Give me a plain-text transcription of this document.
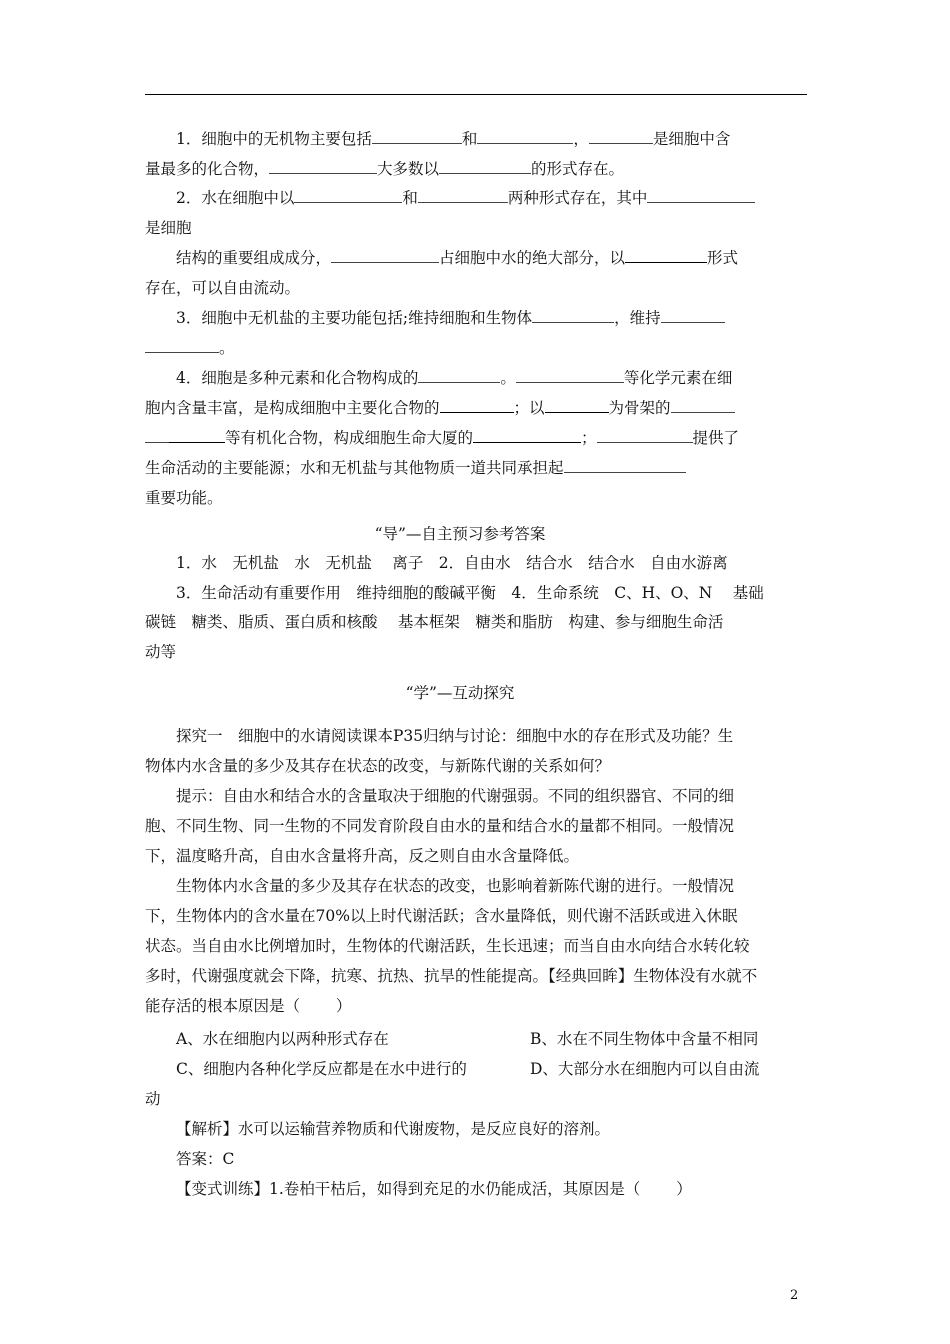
1．细胞中的无机物主要包括	和	，	是细胞中含
量最多的化合物，	大多数以	的形式存在。
2．水在细胞中以	和	两种形式存在，其中
是细胞
结构的重要组成成分，	占细胞中水的绝大部分，以	形式
存在，可以自由流动。
3．细胞中无机盐的主要功能包括;维持细胞和生物体	，维持
。
4．细胞是多种元素和化合物构成的	。	等化学元素在细
胞内含量丰富，是构成细胞中主要化合物的	；以	为骨架的
等有机化合物，构成细胞生命大厦的	；	提供了
生命活动的主要能源；水和无机盐与其他物质一道共同承担起
重要功能。
“导”—自主预习参考答案
1．水　无机盐　水　无机盐　 离子　2．自由水　结合水　结合水　自由水游离
3．生命活动有重要作用　维持细胞的酸碱平衡　4．生命系统　C、H、O、N　 基础
碳链　糖类、脂质、蛋白质和核酸　 基本框架　糖类和脂肪　构建、参与细胞生命活
动等
“学”—互动探究
探究一　细胞中的水请阅读课本P35归纳与讨论：细胞中水的存在形式及功能？生
物体内水含量的多少及其存在状态的改变，与新陈代谢的关系如何？
提示：自由水和结合水的含量取决于细胞的代谢强弱。不同的组织器官、不同的细
胞、不同生物、同一生物的不同发育阶段自由水的量和结合水的量都不相同。一般情况
下，温度略升高，自由水含量将升高，反之则自由水含量降低。
生物体内水含量的多少及其存在状态的改变，也影响着新陈代谢的进行。一般情况
下，生物体内的含水量在70%以上时代谢活跃；含水量降低，则代谢不活跃或进入休眠
状态。当自由水比例增加时，生物体的代谢活跃，生长迅速；而当自由水向结合水转化较
多时，代谢强度就会下降，抗寒、抗热、抗旱的性能提高。【经典回眸】生物体没有水就不
能存活的根本原因是（　　 ）
A、水在细胞内以两种形式存在	B、水在不同生物体中含量不相同
C、细胞内各种化学反应都是在水中进行的	D、大部分水在细胞内可以自由流
动
【解析】水可以运输营养物质和代谢废物，是反应良好的溶剂。
答案：C
【变式训练】1.卷柏干枯后，如得到充足的水仍能成活，其原因是（　　 ）
2
